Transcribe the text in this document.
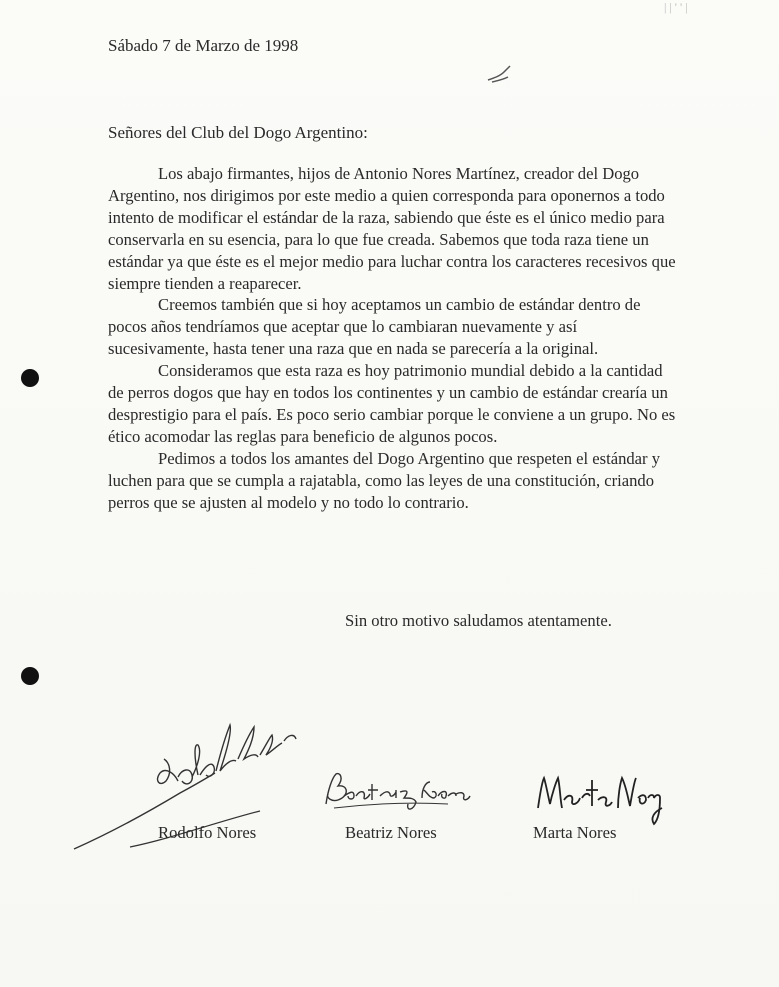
| | ' ' |
Sábado 7 de Marzo de 1998
Señores del Club del Dogo Argentino:

Los abajo firmantes, hijos de Antonio Nores Martínez, creador del Dogo Argentino, nos dirigimos por este medio a quien corresponda para oponernos a todo intento de modificar el estándar de la raza, sabiendo que éste es el único medio para conservarla en su esencia, para lo que fue creada. Sabemos que toda raza tiene un estándar ya que éste es el mejor medio para luchar contra los caracteres recesivos que siempre tienden a reaparecer.

Creemos también que si hoy aceptamos un cambio de estándar dentro de pocos años tendríamos que aceptar que lo cambiaran nuevamente y así sucesivamente, hasta tener una raza que en nada se parecería a la original.

Consideramos que esta raza es hoy patrimonio mundial debido a la cantidad de perros dogos que hay en todos los continentes y un cambio de estándar crearía un desprestigio para el país. Es poco serio cambiar porque le conviene a un grupo. No es ético acomodar las reglas para beneficio de algunos pocos.

Pedimos a todos los amantes del Dogo Argentino que respeten el estándar y luchen para que se cumpla a rajatabla, como las leyes de una constitución, criando perros que se ajusten al modelo y no todo lo contrario.

Sin otro motivo saludamos atentamente.
Rodolfo Nores	Beatriz Nores	Marta Nores
